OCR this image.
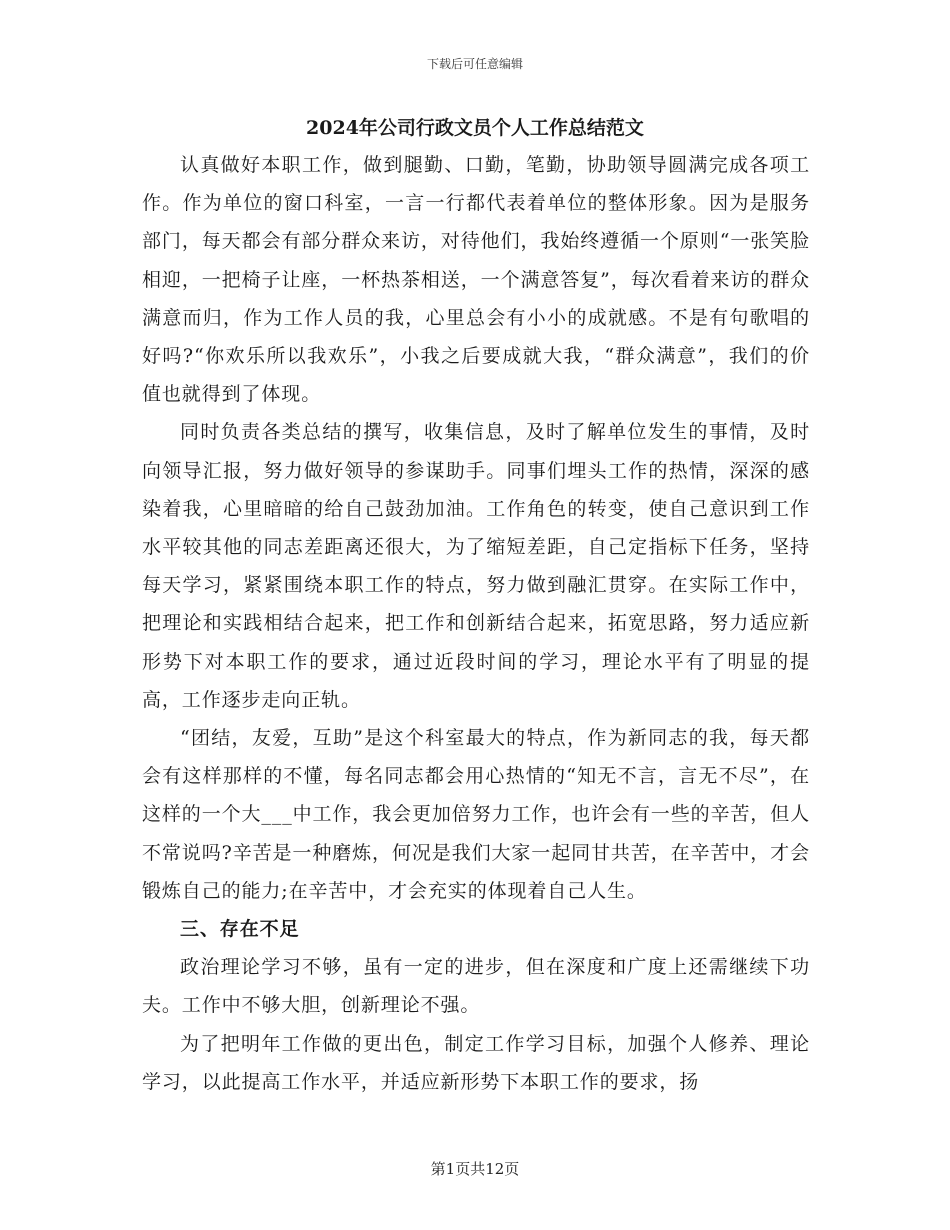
下载后可任意编辑
2024年公司行政文员个人工作总结范文

认真做好本职工作，做到腿勤、口勤，笔勤，协助领导圆满完成各项工作。作为单位的窗口科室，一言一行都代表着单位的整体形象。因为是服务部门，每天都会有部分群众来访，对待他们，我始终遵循一个原则“一张笑脸相迎，一把椅子让座，一杯热茶相送，一个满意答复”，每次看着来访的群众满意而归，作为工作人员的我，心里总会有小小的成就感。不是有句歌唱的好吗?“你欢乐所以我欢乐”，小我之后要成就大我，“群众满意”，我们的价值也就得到了体现。

同时负责各类总结的撰写，收集信息，及时了解单位发生的事情，及时向领导汇报，努力做好领导的参谋助手。同事们埋头工作的热情，深深的感染着我，心里暗暗的给自己鼓劲加油。工作角色的转变，使自己意识到工作水平较其他的同志差距离还很大，为了缩短差距，自己定指标下任务，坚持每天学习，紧紧围绕本职工作的特点，努力做到融汇贯穿。在实际工作中，把理论和实践相结合起来，把工作和创新结合起来，拓宽思路，努力适应新形势下对本职工作的要求，通过近段时间的学习，理论水平有了明显的提高，工作逐步走向正轨。

“团结，友爱，互助”是这个科室最大的特点，作为新同志的我，每天都会有这样那样的不懂，每名同志都会用心热情的“知无不言，言无不尽”，在这样的一个大___中工作，我会更加倍努力工作，也许会有一些的辛苦，但人不常说吗?辛苦是一种磨炼，何况是我们大家一起同甘共苦，在辛苦中，才会锻炼自己的能力;在辛苦中，才会充实的体现着自己人生。

三、存在不足

政治理论学习不够，虽有一定的进步，但在深度和广度上还需继续下功夫。工作中不够大胆，创新理论不强。

为了把明年工作做的更出色，制定工作学习目标，加强个人修养、理论学习，以此提高工作水平，并适应新形势下本职工作的要求，扬

第1页共12页
